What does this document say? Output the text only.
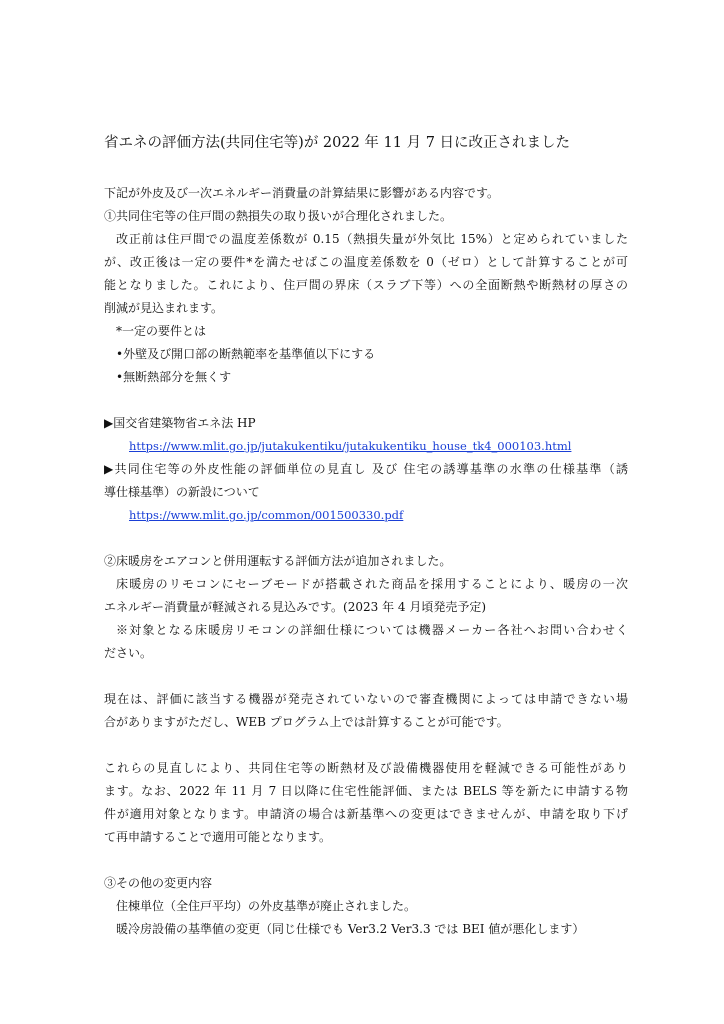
省エネの評価方法(共同住宅等)が 2022 年 11 月 7 日に改正されました
下記が外皮及び一次エネルギー消費量の計算結果に影響がある内容です。
①共同住宅等の住戸間の熱損失の取り扱いが合理化されました。
改正前は住戸間での温度差係数が 0.15（熱損失量が外気比 15%）と定められていました
が、改正後は一定の要件*を満たせばこの温度差係数を 0（ゼロ）として計算することが可
能となりました。これにより、住戸間の界床（スラブ下等）への全面断熱や断熱材の厚さの
削減が見込まれます。
*一定の要件とは
•外壁及び開口部の断熱範率を基準値以下にする
•無断熱部分を無くす
▶国交省建築物省エネ法 HP
https://www.mlit.go.jp/jutakukentiku/jutakukentiku_house_tk4_000103.html
▶共同住宅等の外皮性能の評価単位の見直し 及び 住宅の誘導基準の水準の仕様基準（誘
導仕様基準）の新設について
https://www.mlit.go.jp/common/001500330.pdf
②床暖房をエアコンと併用運転する評価方法が追加されました。
床暖房のリモコンにセーブモードが搭載された商品を採用することにより、暖房の一次
エネルギー消費量が軽減される見込みです。(2023 年 4 月頃発売予定)
※対象となる床暖房リモコンの詳細仕様については機器メーカー各社へお問い合わせく
ださい。
現在は、評価に該当する機器が発売されていないので審査機関によっては申請できない場
合がありますがただし、WEB プログラム上では計算することが可能です。
これらの見直しにより、共同住宅等の断熱材及び設備機器使用を軽減できる可能性があり
ます。なお、2022 年 11 月 7 日以降に住宅性能評価、または BELS 等を新たに申請する物
件が適用対象となります。申請済の場合は新基準への変更はできませんが、申請を取り下げ
て再申請することで適用可能となります。
③その他の変更内容
住棟単位（全住戸平均）の外皮基準が廃止されました。
暖冷房設備の基準値の変更（同じ仕様でも Ver3.2 Ver3.3 では BEI 値が悪化します）
